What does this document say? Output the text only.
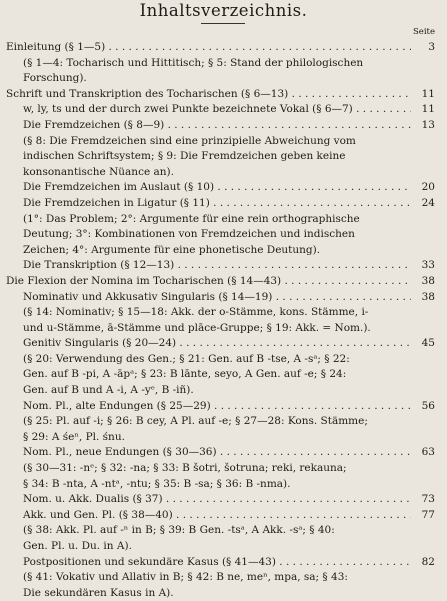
Inhaltsverzeichnis.
Seite
Einleitung (§ 1—5) . . .	3
(§ 1—4: Tocharisch und Hittitisch; § 5: Stand der philologischen
Forschung).
Schrift und Transkription des Tocharischen (§ 6—13) . . .	11
w, ly, ts und der durch zwei Punkte bezeichnete Vokal (§ 6—7) . . .	11
Die Fremdzeichen (§ 8—9) . . .	13
(§ 8: Die Fremdzeichen sind eine prinzipielle Abweichung vom
indischen Schriftsystem; § 9: Die Fremdzeichen geben keine
konsonantische Nüance an).
Die Fremdzeichen im Auslaut (§ 10) . . .	20
Die Fremdzeichen in Ligatur (§ 11) . . .	24
(1°: Das Problem; 2°: Argumente für eine rein orthographische
Deutung; 3°: Kombinationen von Fremdzeichen und indischen
Zeichen; 4°: Argumente für eine phonetische Deutung).
Die Transkription (§ 12—13) . . .	33
Die Flexion der Nomina im Tocharischen (§ 14—43) . . .	38
Nominativ und Akkusativ Singularis (§ 14—19) . . .	38
(§ 14: Nominativ; § 15—18: Akk. der o-Stämme, kons. Stämme, i-
und u-Stämme, ā-Stämme und plāce-Gruppe; § 19: Akk. = Nom.).
Genitiv Singularis (§ 20—24) . . .	45
(§ 20: Verwendung des Gen.; § 21: Gen. auf B -tse, A -sᵃ; § 22:
Gen. auf B -pi, A -āpᵃ; § 23: B lānte, seyo, A Gen. auf -e; § 24:
Gen. auf B und A -i, A -yᵉ, B -iñ).
Nom. Pl., alte Endungen (§ 25—29) . . .	56
(§ 25: Pl. auf -i; § 26: B cey, A Pl. auf -e; § 27—28: Kons. Stämme;
§ 29: A śeⁿ, Pl. śnu.
Nom. Pl., neue Endungen (§ 30—36) . . .	63
(§ 30—31: -nᵉ; § 32: -na; § 33: B šotri, šotruna; reki, rekauna;
§ 34: B -nta, A -ntᵃ, -ntu; § 35: B -sa; § 36: B -nma).
Nom. u. Akk. Dualis (§ 37) . . .	73
Akk. und Gen. Pl. (§ 38—40) . . .	77
(§ 38: Akk. Pl. auf -ⁿ in B; § 39: B Gen. -tsᵃ, A Akk. -sᵃ; § 40:
Gen. Pl. u. Du. in A).
Postpositionen und sekundäre Kasus (§ 41—43) . . .	82
(§ 41: Vokativ und Allativ in B; § 42: B ne, meⁿ, mpa, sa; § 43:
Die sekundären Kasus in A).
